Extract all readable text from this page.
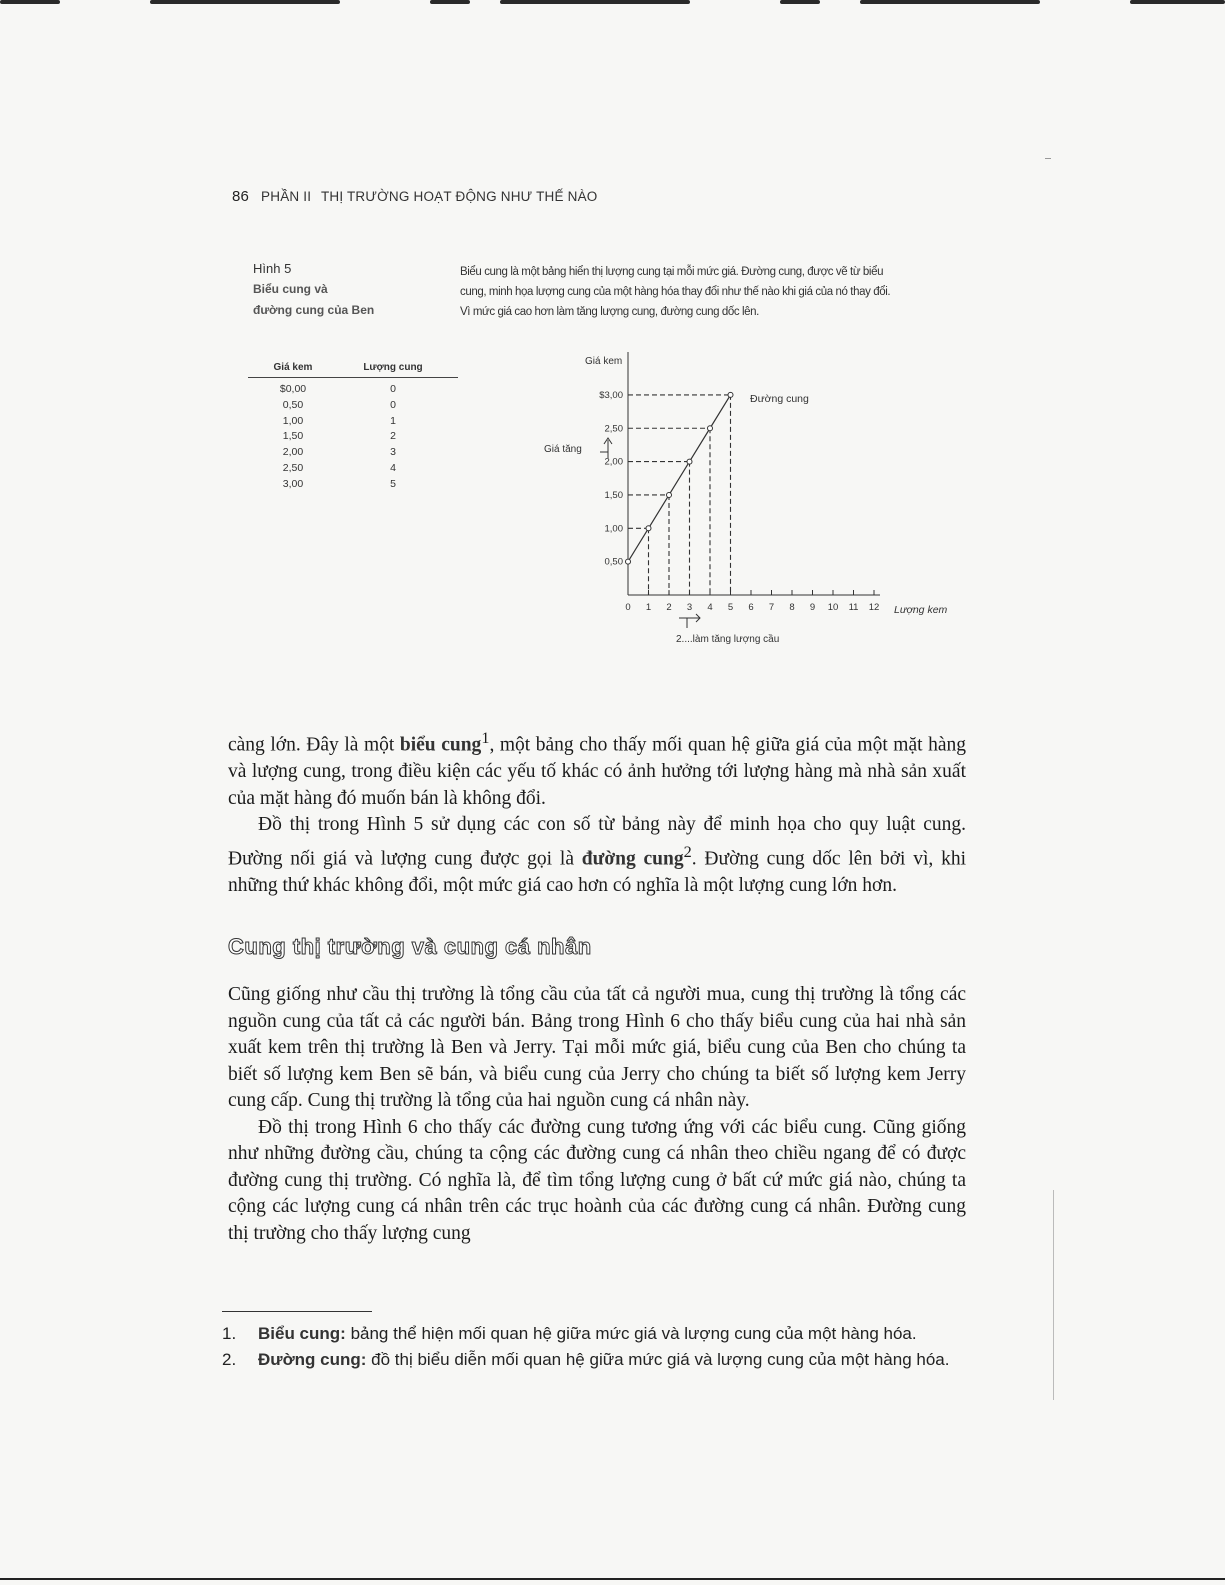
86 PHẦN II THỊ TRƯỜNG HOẠT ĐỘNG NHƯ THẾ NÀO
Hình 5
Biểu cung và
đường cung của Ben
Biểu cung là một bảng hiển thị lượng cung tại mỗi mức giá. Đường cung, được vẽ từ biểu
cung, minh họa lượng cung của một hàng hóa thay đổi như thế nào khi giá của nó thay đổi.
Vì mức giá cao hơn làm tăng lượng cung, đường cung dốc lên.
Giá kem	Lượng cung
$0,00	0
0,50	0
1,00	1
1,50	2
2,00	3
2,50	4
3,00	5
Giá kem
Lượng kem
0 1 2 3 4 5 6 7 8 9 10 11 12
0,50
1,00
1,50
2,00
2,50
$3,00	Đường cung
Giá tăng
2....làm tăng lượng cầu

càng lớn. Đây là một biểu cung$^1$, một bảng cho thấy mối quan hệ giữa giá của một mặt hàng và lượng cung, trong điều kiện các yếu tố khác có ảnh hưởng tới lượng hàng mà nhà sản xuất của mặt hàng đó muốn bán là không đổi.

Đồ thị trong Hình 5 sử dụng các con số từ bảng này để minh họa cho quy luật cung. Đường nối giá và lượng cung được gọi là đường cung$^2$. Đường cung dốc lên bởi vì, khi những thứ khác không đổi, một mức giá cao hơn có nghĩa là một lượng cung lớn hơn.

Cung thị trường và cung cá nhân

Cũng giống như cầu thị trường là tổng cầu của tất cả người mua, cung thị trường là tổng các nguồn cung của tất cả các người bán. Bảng trong Hình 6 cho thấy biểu cung của hai nhà sản xuất kem trên thị trường là Ben và Jerry. Tại mỗi mức giá, biểu cung của Ben cho chúng ta biết số lượng kem Ben sẽ bán, và biểu cung của Jerry cho chúng ta biết số lượng kem Jerry cung cấp. Cung thị trường là tổng của hai nguồn cung cá nhân này.

Đồ thị trong Hình 6 cho thấy các đường cung tương ứng với các biểu cung. Cũng giống như những đường cầu, chúng ta cộng các đường cung cá nhân theo chiều ngang để có được đường cung thị trường. Có nghĩa là, để tìm tổng lượng cung ở bất cứ mức giá nào, chúng ta cộng các lượng cung cá nhân trên các trục hoành của các đường cung cá nhân. Đường cung thị trường cho thấy lượng cung

1.	Biểu cung: bảng thể hiện mối quan hệ giữa mức giá và lượng cung của một hàng hóa.
2.	Đường cung: đồ thị biểu diễn mối quan hệ giữa mức giá và lượng cung của một hàng hóa.
